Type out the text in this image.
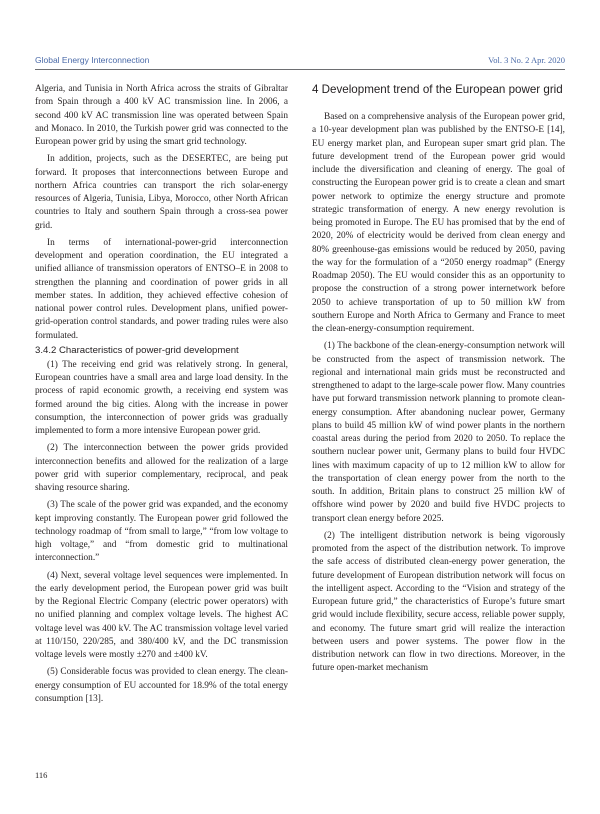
Global Energy Interconnection	Vol. 3 No. 2 Apr. 2020

Algeria, and Tunisia in North Africa across the straits of Gibraltar from Spain through a 400 kV AC transmission line. In 2006, a second 400 kV AC transmission line was operated between Spain and Monaco. In 2010, the Turkish power grid was connected to the European power grid by using the smart grid technology.

In addition, projects, such as the DESERTEC, are being put forward. It proposes that interconnections between Europe and northern Africa countries can transport the rich solar-energy resources of Algeria, Tunisia, Libya, Morocco, other North African countries to Italy and southern Spain through a cross-sea power grid.

In terms of international-power-grid interconnection development and operation coordination, the EU integrated a unified alliance of transmission operators of ENTSO–E in 2008 to strengthen the planning and coordination of power grids in all member states. In addition, they achieved effective cohesion of national power control rules. Development plans, unified power-grid-operation control standards, and power trading rules were also formulated.

3.4.2 Characteristics of power-grid development

(1) The receiving end grid was relatively strong. In general, European countries have a small area and large load density. In the process of rapid economic growth, a receiving end system was formed around the big cities. Along with the increase in power consumption, the interconnection of power grids was gradually implemented to form a more intensive European power grid.

(2) The interconnection between the power grids provided interconnection benefits and allowed for the realization of a large power grid with superior complementary, reciprocal, and peak shaving resource sharing.

(3) The scale of the power grid was expanded, and the economy kept improving constantly. The European power grid followed the technology roadmap of “from small to large,” “from low voltage to high voltage,” and “from domestic grid to multinational interconnection.”

(4) Next, several voltage level sequences were implemented. In the early development period, the European power grid was built by the Regional Electric Company (electric power operators) with no unified planning and complex voltage levels. The highest AC voltage level was 400 kV. The AC transmission voltage level varied at 110/150, 220/285, and 380/400 kV, and the DC transmission voltage levels were mostly ±270 and ±400 kV.

(5) Considerable focus was provided to clean energy. The clean-energy consumption of EU accounted for 18.9% of the total energy consumption [13].

4 Development trend of the European power grid

Based on a comprehensive analysis of the European power grid, a 10-year development plan was published by the ENTSO-E [14], EU energy market plan, and European super smart grid plan. The future development trend of the European power grid would include the diversification and cleaning of energy. The goal of constructing the European power grid is to create a clean and smart power network to optimize the energy structure and promote strategic transformation of energy. A new energy revolution is being promoted in Europe. The EU has promised that by the end of 2020, 20% of electricity would be derived from clean energy and 80% greenhouse-gas emissions would be reduced by 2050, paving the way for the formulation of a “2050 energy roadmap” (Energy Roadmap 2050). The EU would consider this as an opportunity to propose the construction of a strong power internetwork before 2050 to achieve transportation of up to 50 million kW from southern Europe and North Africa to Germany and France to meet the clean-energy-consumption requirement.

(1) The backbone of the clean-energy-consumption network will be constructed from the aspect of transmission network. The regional and international main grids must be reconstructed and strengthened to adapt to the large-scale power flow. Many countries have put forward transmission network planning to promote clean-energy consumption. After abandoning nuclear power, Germany plans to build 45 million kW of wind power plants in the northern coastal areas during the period from 2020 to 2050. To replace the southern nuclear power unit, Germany plans to build four HVDC lines with maximum capacity of up to 12 million kW to allow for the transportation of clean energy power from the north to the south. In addition, Britain plans to construct 25 million kW of offshore wind power by 2020 and build five HVDC projects to transport clean energy before 2025.

(2) The intelligent distribution network is being vigorously promoted from the aspect of the distribution network. To improve the safe access of distributed clean-energy power generation, the future development of European distribution network will focus on the intelligent aspect. According to the “Vision and strategy of the European future grid,” the characteristics of Europe’s future smart grid would include flexibility, secure access, reliable power supply, and economy. The future smart grid will realize the interaction between users and power systems. The power flow in the distribution network can flow in two directions. Moreover, in the future open-market mechanism

116
